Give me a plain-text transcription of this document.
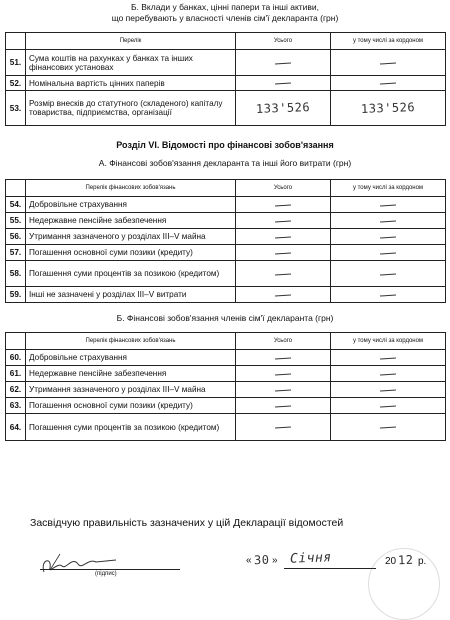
Б. Вклади у банках, цінні папери та інші активи,
що перебувають у власності членів сім'ї декларанта (грн)
	Перелік	Усього	у тому числі за кордоном
51.	Сума коштів на рахунках у банках та інших фінансових установах		
52.	Номінальна вартість цінних паперів		
53.	Розмір внесків до статутного (складеного) капіталу товариства, підприємства, організації	133'526	133'526
Розділ VI. Відомості про фінансові зобов'язання
А. Фінансові зобов'язання декларанта та інші його витрати (грн)
	Перелік фінансових зобов'язань	Усього	у тому числі за кордоном
54.	Добровільне страхування		
55.	Недержавне пенсійне забезпечення		
56.	Утримання зазначеного у розділах III–V майна		
57.	Погашення основної суми позики (кредиту)		
58.	Погашення суми процентів за позикою (кредитом)		
59.	Інші не зазначені у розділах III–V витрати		
Б. Фінансові зобов'язання членів сім'ї декларанта (грн)
	Перелік фінансових зобов'язань	Усього	у тому числі за кордоном
60.	Добровільне страхування		
61.	Недержавне пенсійне забезпечення		
62.	Утримання зазначеного у розділах III–V майна		
63.	Погашення основної суми позики (кредиту)		
64.	Погашення суми процентів за позикою (кредитом)		
Засвідчую правильність зазначених у цій Декларації відомостей
(підпис)
« 30 » Січня	20 12 р.
